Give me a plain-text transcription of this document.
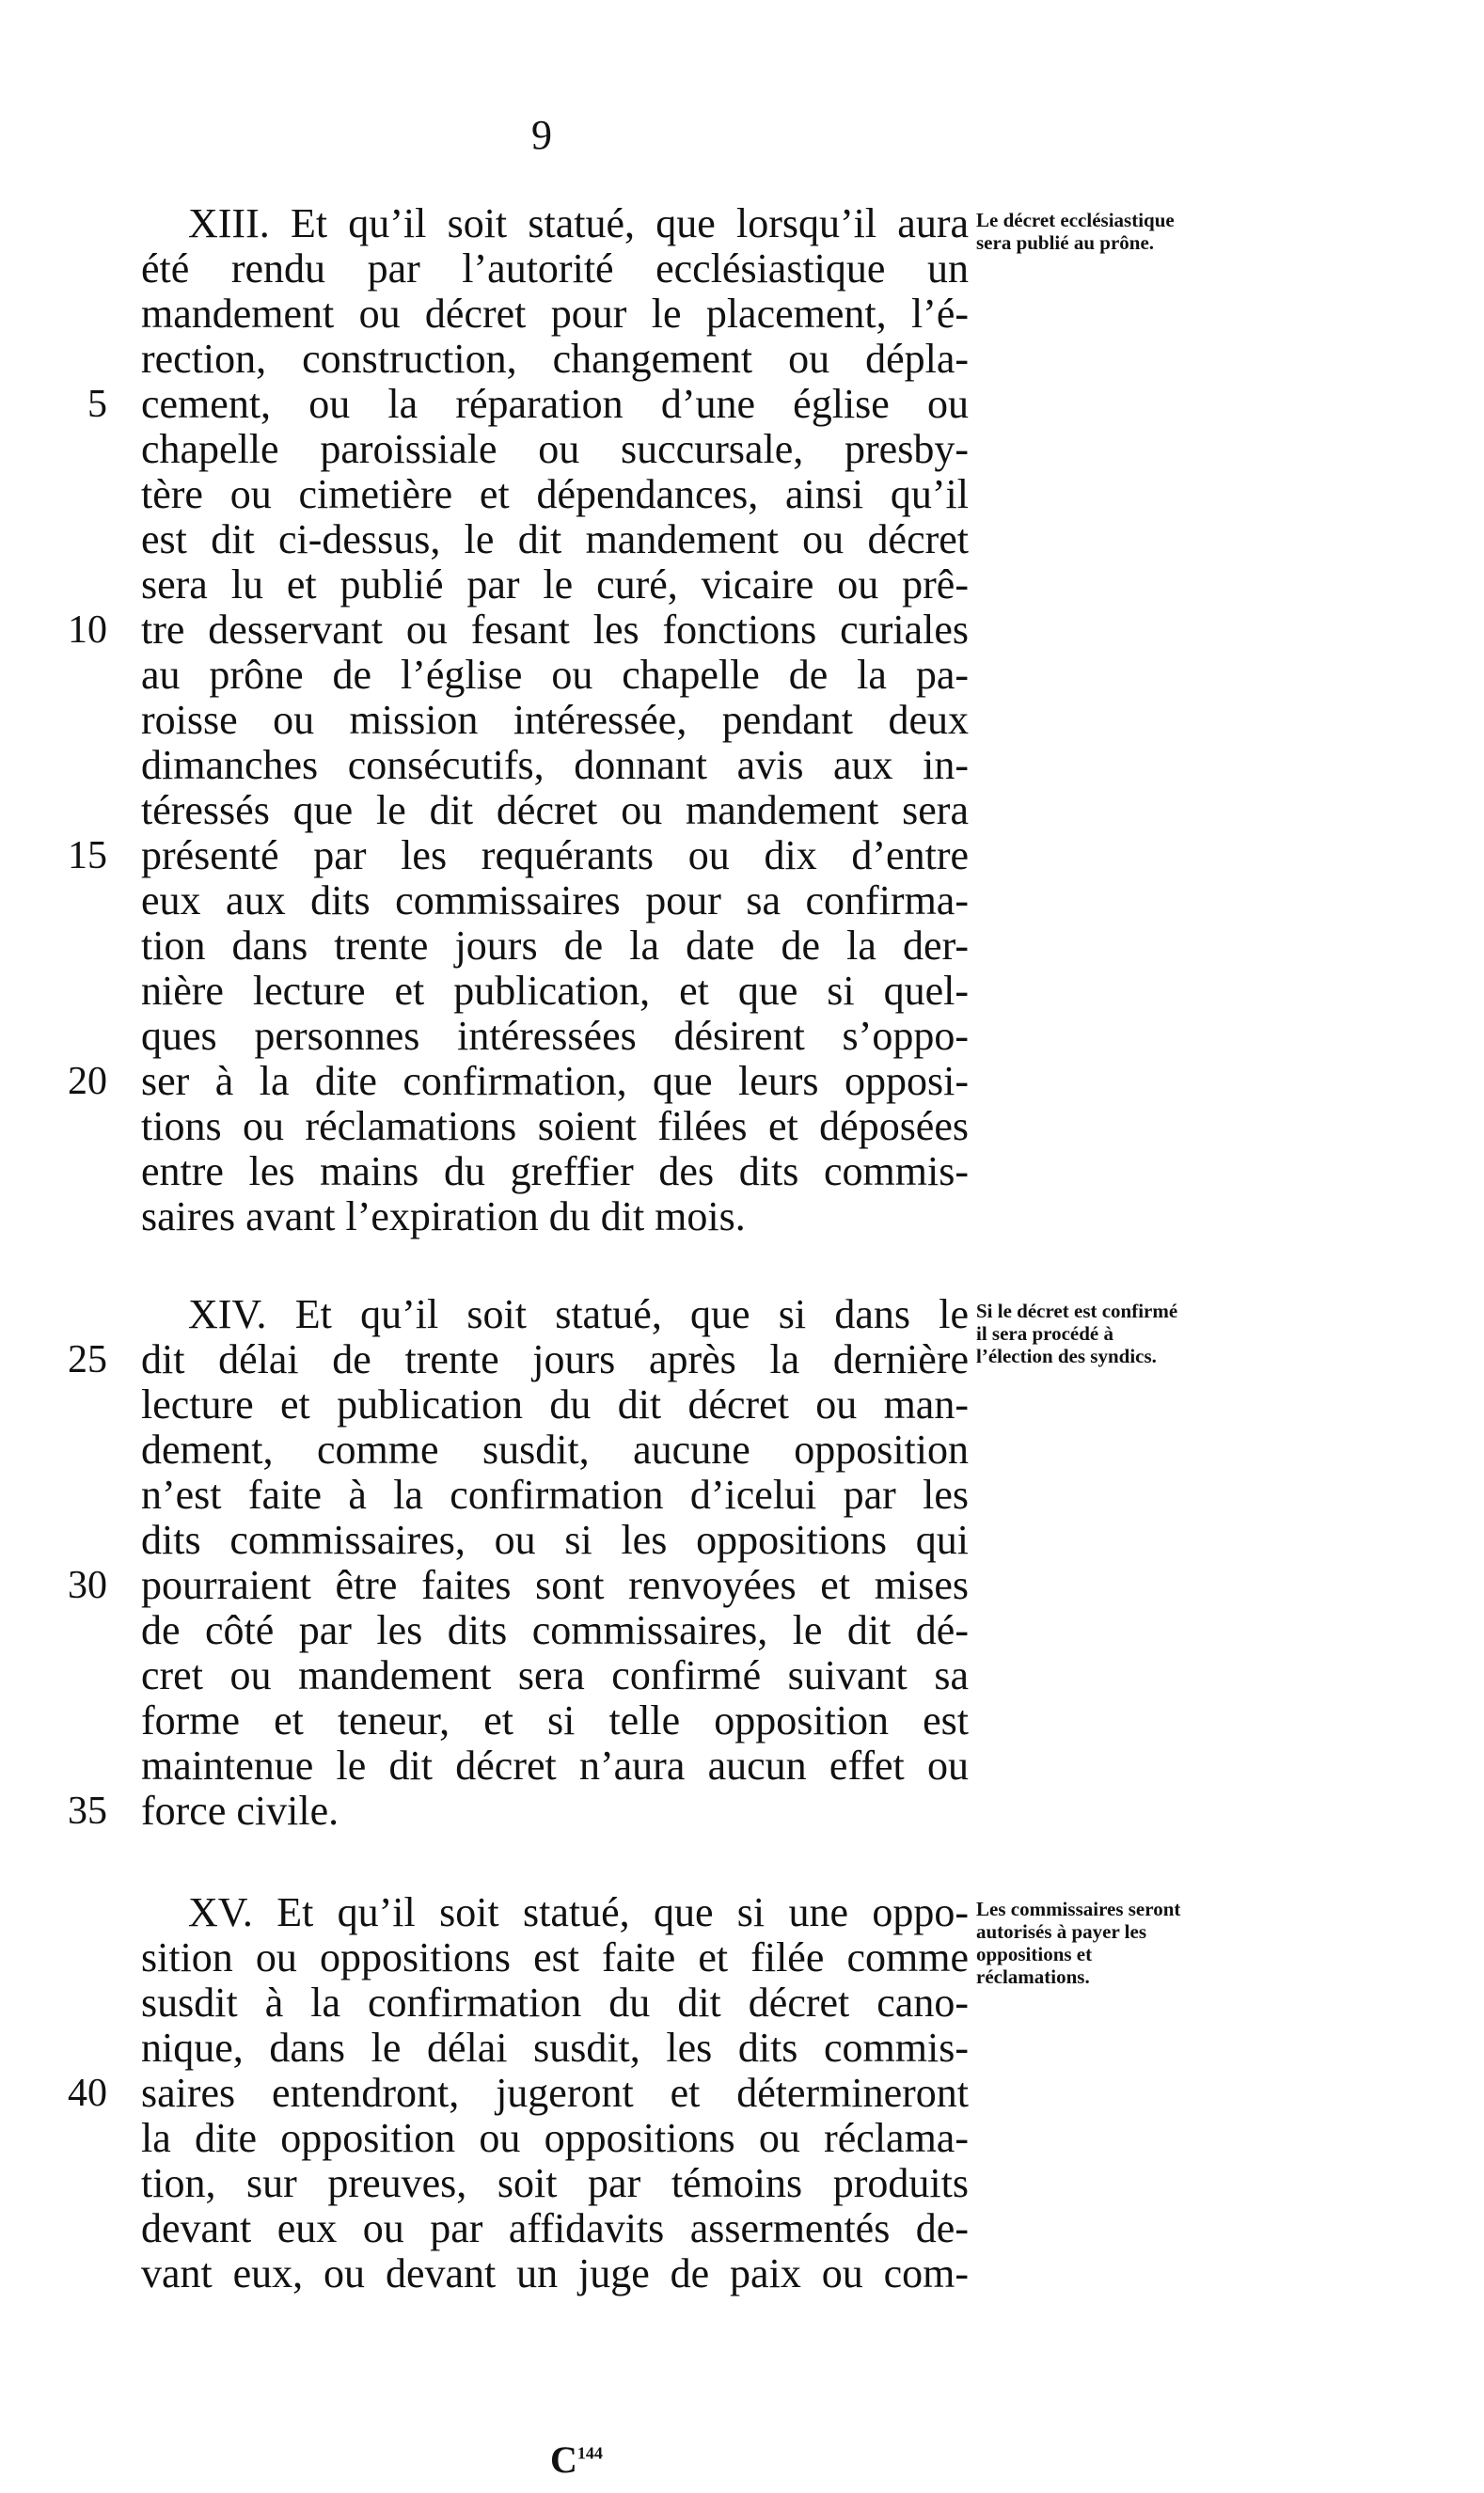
9
XIII. Et qu’il soit statué, que lorsqu’il aura
été rendu par l’autorité ecclésiastique un
mandement ou décret pour le placement, l’é-
rection, construction, changement ou dépla-
cement, ou la réparation d’une église ou
chapelle paroissiale ou succursale, presby-
tère ou cimetière et dépendances, ainsi qu’il
est dit ci-dessus, le dit mandement ou décret
sera lu et publié par le curé, vicaire ou prê-
tre desservant ou fesant les fonctions curiales
au prône de l’église ou chapelle de la pa-
roisse ou mission intéressée, pendant deux
dimanches consécutifs, donnant avis aux in-
téressés que le dit décret ou mandement sera
présenté par les requérants ou dix d’entre
eux aux dits commissaires pour sa confirma-
tion dans trente jours de la date de la der-
nière lecture et publication, et que si quel-
ques personnes intéressées désirent s’oppo-
ser à la dite confirmation, que leurs opposi-
tions ou réclamations soient filées et déposées
entre les mains du greffier des dits commis-
saires avant l’expiration du dit mois.
Le décret ecclésiastique sera publié au prône.
XIV. Et qu’il soit statué, que si dans le
dit délai de trente jours après la dernière
lecture et publication du dit décret ou man-
dement, comme susdit, aucune opposition
n’est faite à la confirmation d’icelui par les
dits commissaires, ou si les oppositions qui
pourraient être faites sont renvoyées et mises
de côté par les dits commissaires, le dit dé-
cret ou mandement sera confirmé suivant sa
forme et teneur, et si telle opposition est
maintenue le dit décret n’aura aucun effet ou
force civile.
Si le décret est confirmé il sera procédé à l’élection des syndics.
XV. Et qu’il soit statué, que si une oppo-
sition ou oppositions est faite et filée comme
susdit à la confirmation du dit décret cano-
nique, dans le délai susdit, les dits commis-
saires entendront, jugeront et détermineront
la dite opposition ou oppositions ou réclama-
tion, sur preuves, soit par témoins produits
devant eux ou par affidavits assermentés de-
vant eux, ou devant un juge de paix ou com-
Les commissaires seront autorisés à payer les oppositions et réclamations.
5
10
15
20
25
30
35
40
$C^{144}$
